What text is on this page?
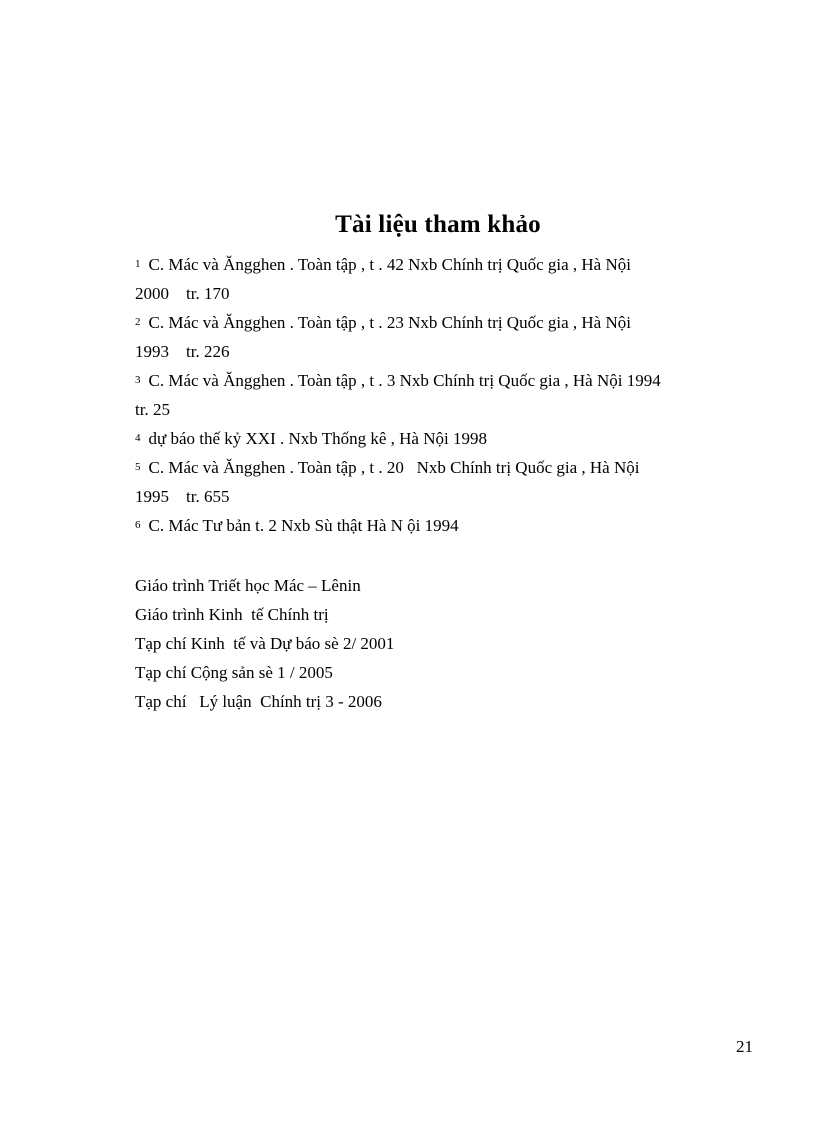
Tài liệu tham khảo
$^1$ C. Mác và Ăngghen . Toàn tập , t . 42 Nxb Chính trị Quốc gia , Hà Nội
2000    tr. 170
$^2$ C. Mác và Ăngghen . Toàn tập , t . 23 Nxb Chính trị Quốc gia , Hà Nội
1993    tr. 226
$^3$ C. Mác và Ăngghen . Toàn tập , t . 3 Nxb Chính trị Quốc gia , Hà Nội 1994
tr. 25
$^4$ dự báo thế kỷ XXI . Nxb Thống kê , Hà Nội 1998
$^5$ C. Mác và Ăngghen . Toàn tập , t . 20   Nxb Chính trị Quốc gia , Hà Nội
1995    tr. 655
$^6$ C. Mác Tư bản t. 2 Nxb Sù thật Hà N ội 1994
Giáo trình Triết học Mác – Lênin
Giáo trình Kinh  tế Chính trị
Tạp chí Kinh  tế và Dự báo sè 2/ 2001
Tạp chí Cộng sản sè 1 / 2005
Tạp chí   Lý luận  Chính trị 3 - 2006
21
